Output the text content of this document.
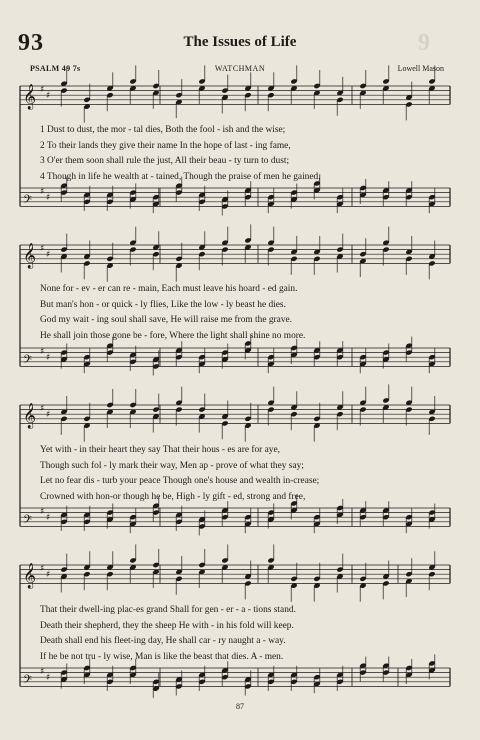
93	9
The Issues of Life
PSALM 49 7s	WATCHMAN	Lowell Mason
𝄞 ♯
♯
𝄢
♯
♯
𝄞 ♯
♯
𝄢
♯
♯
𝄞 ♯
♯
𝄢
♯
♯
𝄞 ♯
♯
𝄢
♯
♯
1 Dust to dust, the mor - tal dies, Both the fool - ish and the wise;
2 To their lands they give their name In the hope of last - ing fame,
3 O'er them soon shall rule the just, All their beau - ty turn to dust;
4 Though in life he wealth at - tained, Though the praise of men he gained,
None for - ev - er can re - main, Each must leave his hoard - ed gain.
But man's hon - or quick - ly flies, Like the low - ly beast he dies.
God my wait - ing soul shall save, He will raise me from the grave.
He shall join those gone be - fore, Where the light shall shine no more.
Yet with - in their heart they say That their hous - es are for aye,
Though such fol - ly mark their way, Men ap - prove of what they say;
Let no fear dis - turb your peace Though one's house and wealth in-crease;
Crowned with hon-or though he be, High - ly gift - ed, strong and free,
That their dwell-ing plac-es grand Shall for gen - er - a - tions stand.
Death their shepherd, they the sheep He with - in his fold will keep.
Death shall end his fleet-ing day, He shall car - ry naught a - way.
If he be not tru - ly wise, Man is like the beast that dies. A - men.
87
